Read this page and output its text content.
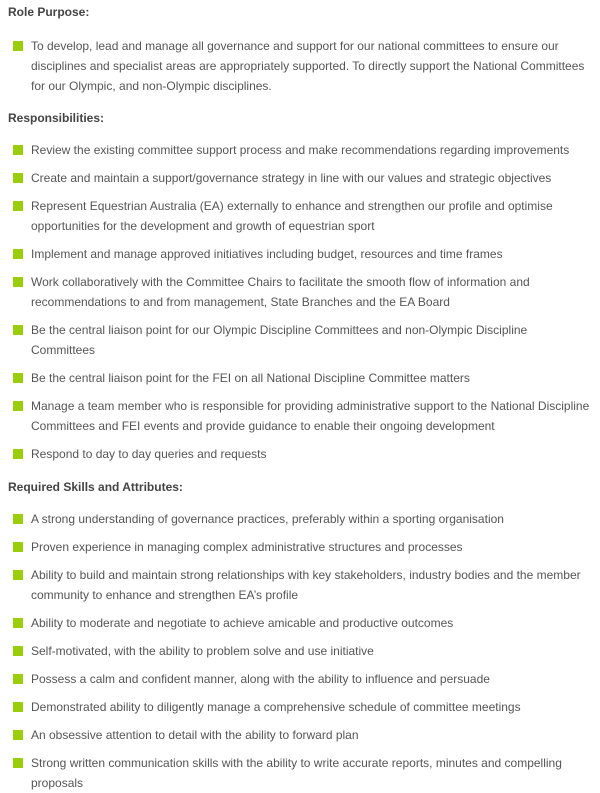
Role Purpose:

To develop, lead and manage all governance and support for our national committees to ensure our disciplines and specialist areas are appropriately supported. To directly support the National Committees for our Olympic, and non-Olympic disciplines.

Responsibilities:

Review the existing committee support process and make recommendations regarding improvements
Create and maintain a support/governance strategy in line with our values and strategic objectives
Represent Equestrian Australia (EA) externally to enhance and strengthen our profile and optimise opportunities for the development and growth of equestrian sport
Implement and manage approved initiatives including budget, resources and time frames
Work collaboratively with the Committee Chairs to facilitate the smooth flow of information and recommendations to and from management, State Branches and the EA Board
Be the central liaison point for our Olympic Discipline Committees and non-Olympic Discipline Committees
Be the central liaison point for the FEI on all National Discipline Committee matters
Manage a team member who is responsible for providing administrative support to the National Discipline Committees and FEI events and provide guidance to enable their ongoing development
Respond to day to day queries and requests

Required Skills and Attributes:

A strong understanding of governance practices, preferably within a sporting organisation
Proven experience in managing complex administrative structures and processes
Ability to build and maintain strong relationships with key stakeholders, industry bodies and the member community to enhance and strengthen EA’s profile
Ability to moderate and negotiate to achieve amicable and productive outcomes
Self-motivated, with the ability to problem solve and use initiative
Possess a calm and confident manner, along with the ability to influence and persuade
Demonstrated ability to diligently manage a comprehensive schedule of committee meetings
An obsessive attention to detail with the ability to forward plan
Strong written communication skills with the ability to write accurate reports, minutes and compelling proposals
